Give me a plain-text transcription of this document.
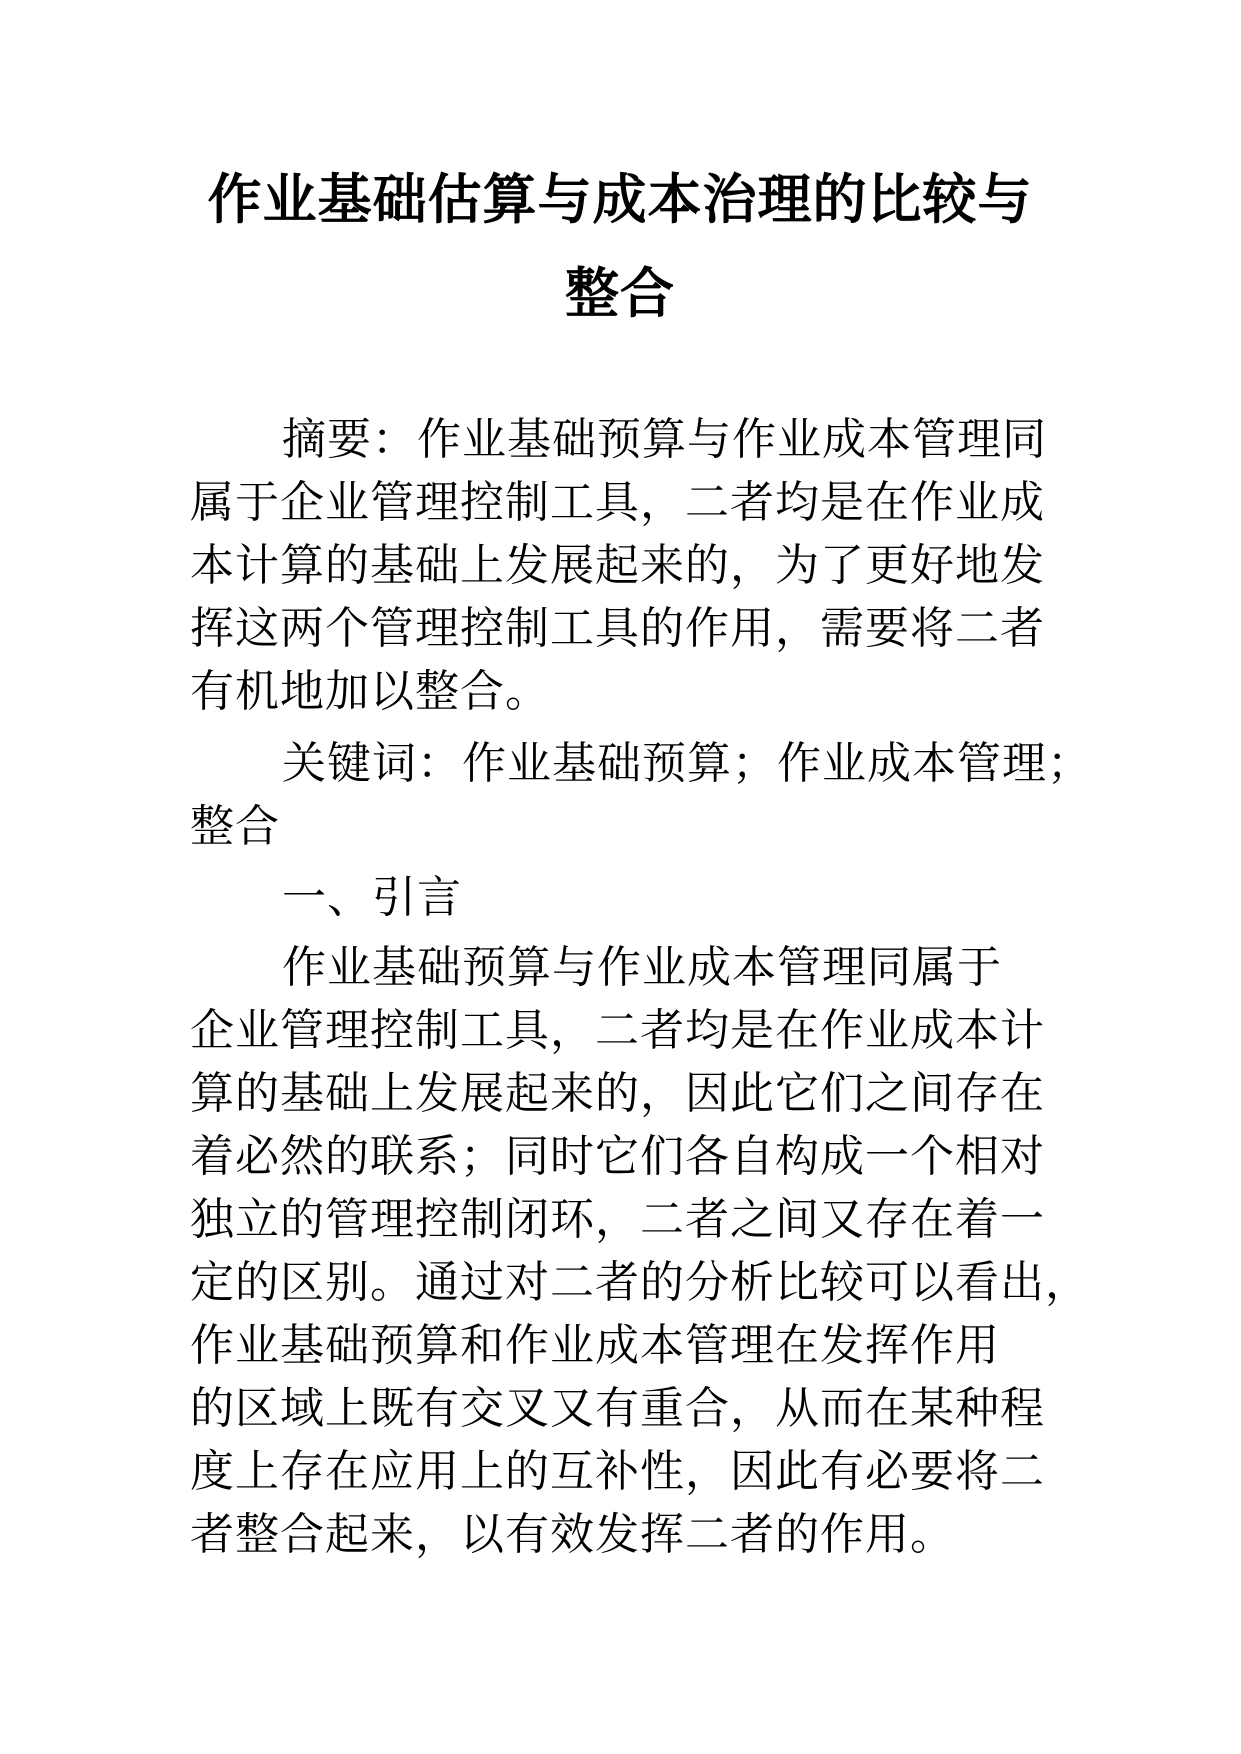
作业基础估算与成本治理的比较与
整合
摘要：作业基础预算与作业成本管理同
属于企业管理控制工具，二者均是在作业成
本计算的基础上发展起来的，为了更好地发
挥这两个管理控制工具的作用，需要将二者
有机地加以整合。
关键词：作业基础预算；作业成本管理；
整合
一、引言
作业基础预算与作业成本管理同属于
企业管理控制工具，二者均是在作业成本计
算的基础上发展起来的，因此它们之间存在
着必然的联系；同时它们各自构成一个相对
独立的管理控制闭环，二者之间又存在着一
定的区别。通过对二者的分析比较可以看出，
作业基础预算和作业成本管理在发挥作用
的区域上既有交叉又有重合，从而在某种程
度上存在应用上的互补性，因此有必要将二
者整合起来，以有效发挥二者的作用。
